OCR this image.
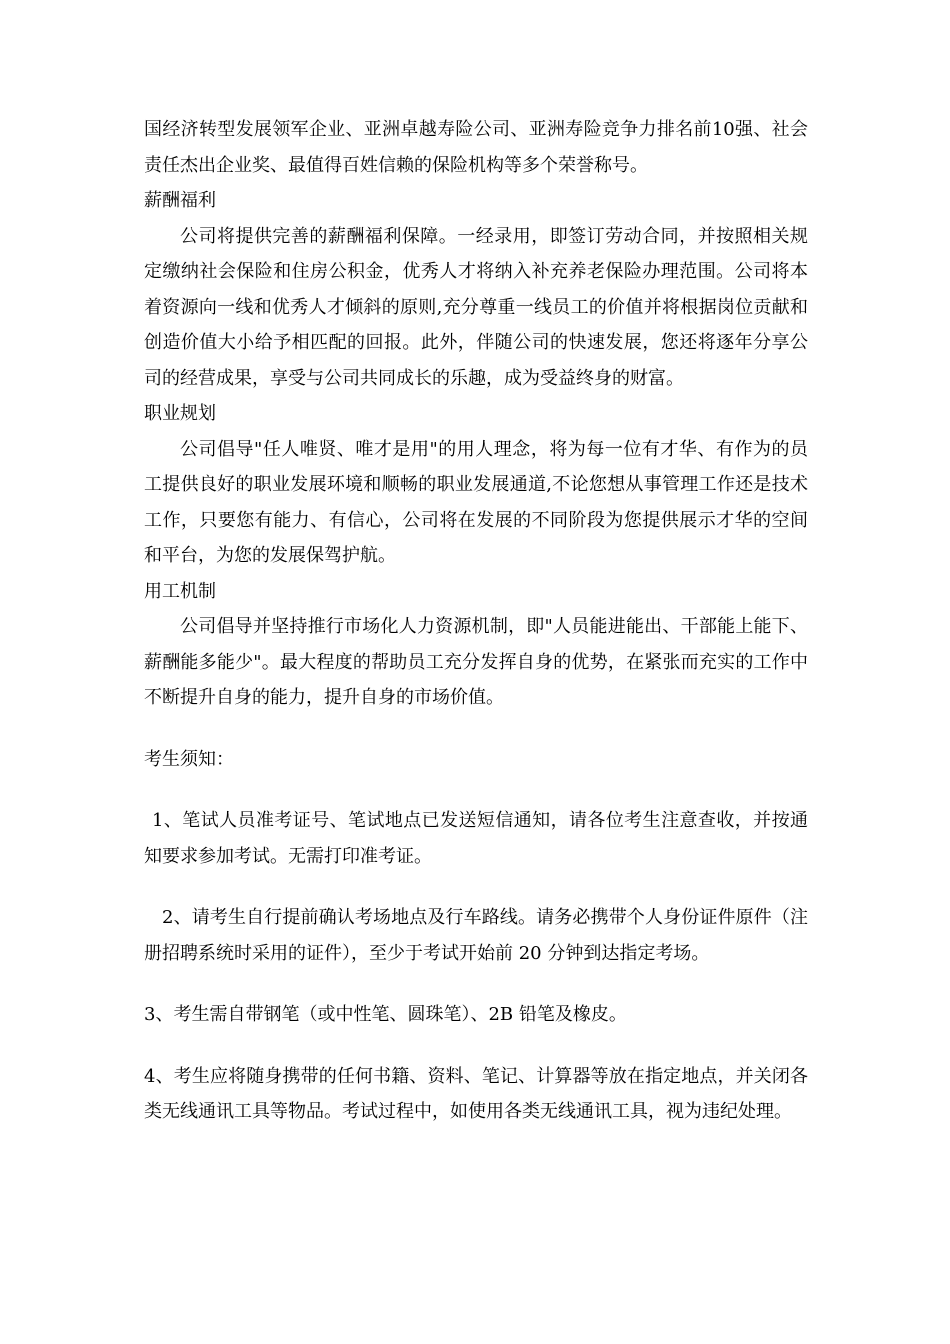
国经济转型发展领军企业、亚洲卓越寿险公司、亚洲寿险竞争力排名前10强、社会责任杰出企业奖、最值得百姓信赖的保险机构等多个荣誉称号。

薪酬福利

公司将提供完善的薪酬福利保障。一经录用，即签订劳动合同，并按照相关规定缴纳社会保险和住房公积金，优秀人才将纳入补充养老保险办理范围。公司将本着资源向一线和优秀人才倾斜的原则,充分尊重一线员工的价值并将根据岗位贡献和创造价值大小给予相匹配的回报。此外，伴随公司的快速发展，您还将逐年分享公司的经营成果，享受与公司共同成长的乐趣，成为受益终身的财富。

职业规划

公司倡导"任人唯贤、唯才是用"的用人理念，将为每一位有才华、有作为的员工提供良好的职业发展环境和顺畅的职业发展通道,不论您想从事管理工作还是技术工作，只要您有能力、有信心，公司将在发展的不同阶段为您提供展示才华的空间和平台，为您的发展保驾护航。

用工机制

公司倡导并坚持推行市场化人力资源机制，即"人员能进能出、干部能上能下、薪酬能多能少"。最大程度的帮助员工充分发挥自身的优势，在紧张而充实的工作中不断提升自身的能力，提升自身的市场价值。

考生须知：

1、笔试人员准考证号、笔试地点已发送短信通知，请各位考生注意查收，并按通知要求参加考试。无需打印准考证。

2、请考生自行提前确认考场地点及行车路线。请务必携带个人身份证件原件（注册招聘系统时采用的证件），至少于考试开始前 20 分钟到达指定考场。

3、考生需自带钢笔（或中性笔、圆珠笔）、2B 铅笔及橡皮。

4、考生应将随身携带的任何书籍、资料、笔记、计算器等放在指定地点，并关闭各类无线通讯工具等物品。考试过程中，如使用各类无线通讯工具，视为违纪处理。
